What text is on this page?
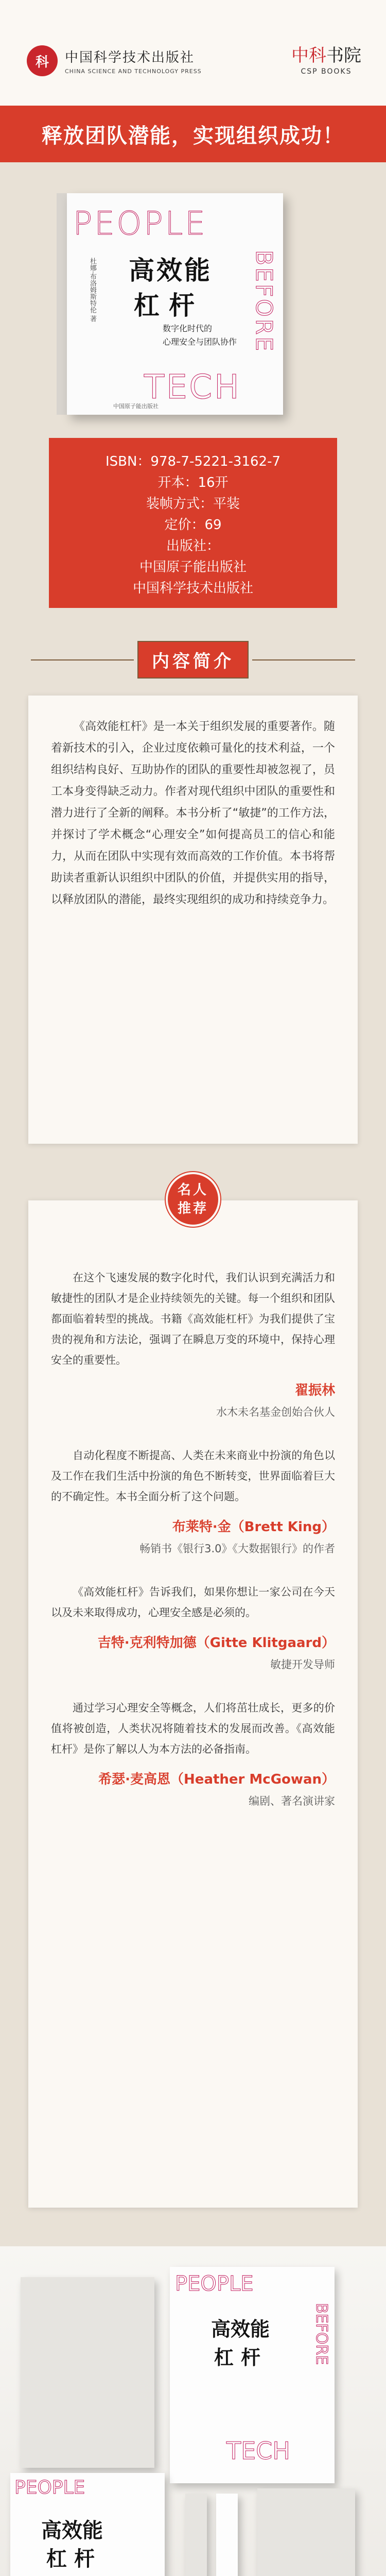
科	中国科学技术出版社
CHINA SCIENCE AND TECHNOLOGY PRESS
中科书院
CSP BOOKS
释放团队潜能，实现组织成功！
PEOPLE
BEFORE
TECH
杜娜·布洛姆斯特伦 著 高效能
杠杆
数字化时代的
心理安全与团队协作
中国原子能出版社
ISBN：978-7-5221-3162-7
开本：16开
装帧方式：平装
定价：69
出版社：
中国原子能出版社
中国科学技术出版社
内容简介

《高效能杠杆》是一本关于组织发展的重要著作。随着新技术的引入，企业过度依赖可量化的技术利益，一个组织结构良好、互助协作的团队的重要性却被忽视了，员工本身变得缺乏动力。作者对现代组织中团队的重要性和潜力进行了全新的阐释。本书分析了“敏捷”的工作方法，并探讨了学术概念“心理安全”如何提高员工的信心和能力，从而在团队中实现有效而高效的工作价值。本书将帮助读者重新认识组织中团队的价值，并提供实用的指导，以释放团队的潜能，最终实现组织的成功和持续竞争力。

在这个飞速发展的数字化时代，我们认识到充满活力和敏捷性的团队才是企业持续领先的关键。每一个组织和团队都面临着转型的挑战。书籍《高效能杠杆》为我们提供了宝贵的视角和方法论，强调了在瞬息万变的环境中，保持心理安全的重要性。

翟振林
水木未名基金创始合伙人

自动化程度不断提高、人类在未来商业中扮演的角色以及工作在我们生活中扮演的角色不断转变，世界面临着巨大的不确定性。本书全面分析了这个问题。

布莱特·金（Brett King）
畅销书《银行3.0》《大数据银行》的作者

《高效能杠杆》告诉我们，如果你想让一家公司在今天以及未来取得成功，心理安全感是必须的。

吉特·克利特加德（Gitte Klitgaard）
敏捷开发导师

通过学习心理安全等概念，人们将茁壮成长，更多的价值将被创造，人类状况将随着技术的发展而改善。《高效能杠杆》是你了解以人为本方法的必备指南。

希瑟·麦高恩（Heather McGowan）
编剧、著名演讲家
名人
推荐
PEOPLE
BEFORE
高效能
杠杆
TECH
PEOPLE
高效能
杠杆
